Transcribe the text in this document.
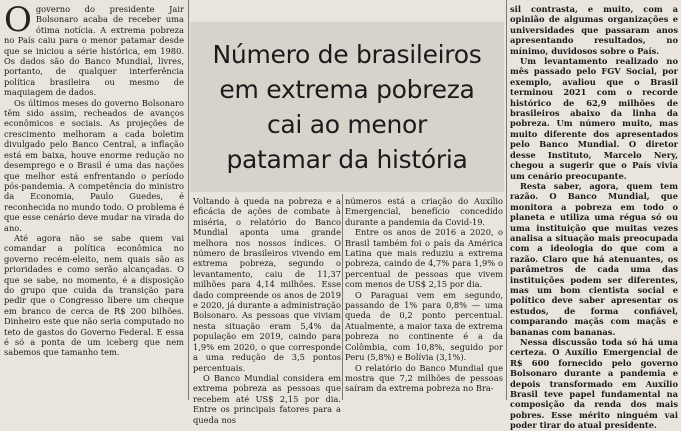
Ogoverno do presidente Jair Bolsonaro acaba de receber uma ótima notícia. A extrema pobreza no País caiu para o menor patamar desde que se iniciou a série histórica, em 1980. Os dados são do Banco Mundial, livres, portanto, de qualquer interferência política brasileira ou mesmo de maquiagem de dados.

Os últimos meses do governo Bolsonaro têm sido assim, recheados de avanços econômicos e sociais. As projeções de crescimento melhoram a cada boletim divulgado pelo Banco Central, a inflação está em baixa, houve enorme redução no desemprego e o Brasil é uma das nações que melhor está enfrentando o período pós-pandemia. A competência do ministro da Economia, Paulo Guedes, é reconhecida no mundo todo. O problema é que esse cenário deve mudar na virada do ano.

Até agora não se sabe quem vai comandar a política econômica no governo recém-eleito, nem quais são as prioridades e como serão alcançadas. O que se sabe, no momento, é a disposição do grupo que cuida da transição para pedir que o Congresso libere um cheque em branco de cerca de R$ 200 bilhões. Dinheiro este que não seria computado no teto de gastos do Governo Federal. E essa é só a ponta de um iceberg que nem sabemos que tamanho tem.

Número de brasileiros
em extrema pobreza
cai ao menor
patamar da história

Voltando à queda na pobreza e a eficácia de ações de combate à miséria, o relatório do Banco Mundial aponta uma grande melhora nos nossos índices. O número de brasileiros vivendo em extrema pobreza, segundo o levantamento, caiu de 11,37 milhões para 4,14 milhões. Esse dado compreende os anos de 2019 e 2020, já durante a administração Bolsonaro. As pessoas que viviam nesta situação eram 5,4% da população em 2019, caindo para 1,9% em 2020, o que corresponde a uma redução de 3,5 pontos percentuais.

O Banco Mundial considera em extrema pobreza as pessoas que recebem até US$ 2,15 por dia. Entre os principais fatores para a queda nos

números está a criação do Auxílio Emergencial, benefício concedido durante a pandemia da Covid-19.

Entre os anos de 2016 a 2020, o Brasil também foi o país da América Latina que mais reduziu a extrema pobreza, caindo de 4,7% para 1,9% o percentual de pessoas que vivem com menos de US$ 2,15 por dia.

O Paraguai vem em segundo, passando de 1% para 0,8% — uma queda de 0,2 ponto percentual. Atualmente, a maior taxa de extrema pobreza no continente é a da Colômbia, com 10,8%, seguido por Peru (5,8%) e Bolívia (3,1%).

O relatório do Banco Mundial que mostra que 7,2 milhões de pessoas saíram da extrema pobreza no Bra-

sil contrasta, e muito, com a opinião de algumas organizações e universidades que passaram anos apresentando resultados, no mínimo, duvidosos sobre o País.

Um levantamento realizado no mês passado pelo FGV Social, por exemplo, avaliou que o Brasil terminou 2021 com o recorde histórico de 62,9 milhões de brasileiros abaixo da linha da pobreza. Um número muito, mas muito diferente dos apresentados pelo Banco Mundial. O diretor desse Instituto, Marcelo Nery, chegou a sugerir que o País vivia um cenário preocupante.

Resta saber, agora, quem tem razão. O Banco Mundial, que monitora a pobreza em todo o planeta e utiliza uma régua só ou uma instituição que muitas vezes analisa a situação mais preocupada com a ideologia do que com a razão. Claro que há atenuantes, os parâmetros de cada uma das instituições podem ser diferentes, mas um bom cientista social e político deve saber apresentar os estudos, de forma confiável, comparando maçãs com maçãs e bananas com bananas.

Nessa discussão toda só há uma certeza. O Auxílio Emergencial de R$ 600 fornecido pelo governo Bolsonaro durante a pandemia e depois transformado em Auxílio Brasil teve papel fundamental na composição da renda dos mais pobres. Esse mérito ninguém vai poder tirar do atual presidente.
